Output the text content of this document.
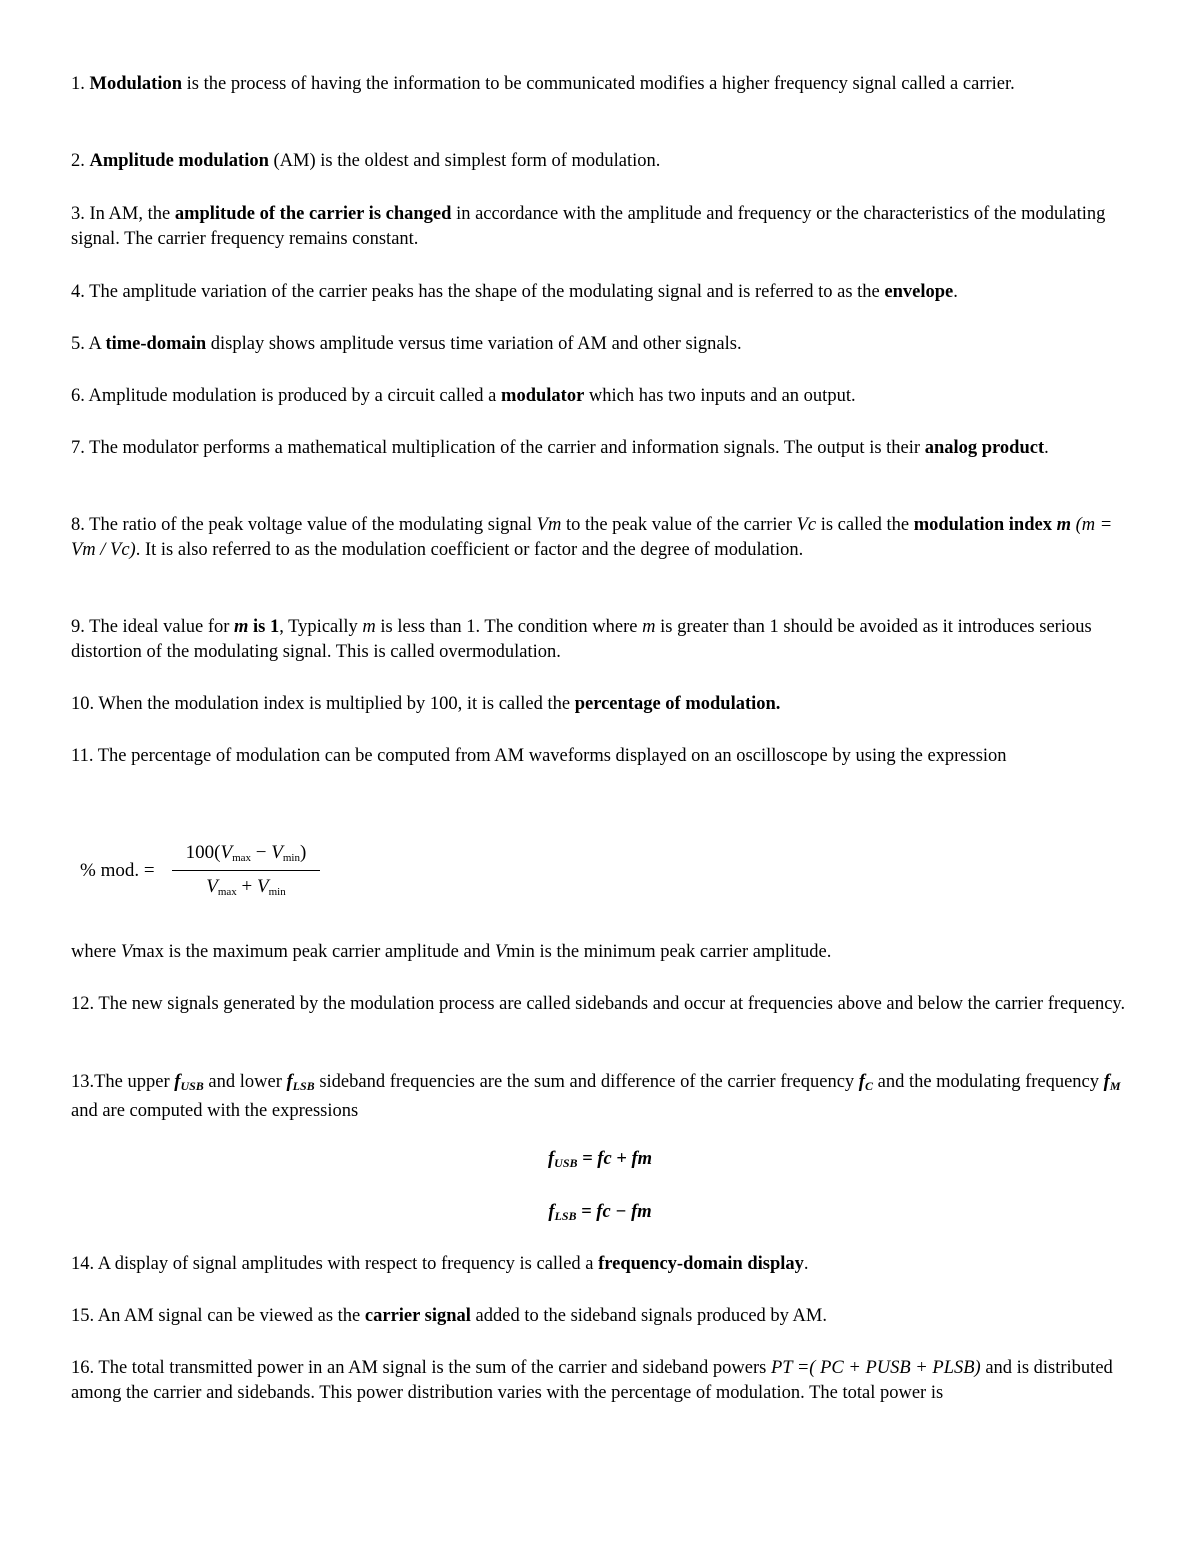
1. Modulation is the process of having the information to be communicated modifies a higher frequency signal called a carrier.

2. Amplitude modulation (AM) is the oldest and simplest form of modulation.

3. In AM, the amplitude of the carrier is changed in accordance with the amplitude and frequency or the characteristics of the modulating signal. The carrier frequency remains constant.

4. The amplitude variation of the carrier peaks has the shape of the modulating signal and is referred to as the envelope.

5. A time-domain display shows amplitude versus time variation of AM and other signals.

6. Amplitude modulation is produced by a circuit called a modulator which has two inputs and an output.

7. The modulator performs a mathematical multiplication of the carrier and information signals. The output is their analog product.

8. The ratio of the peak voltage value of the modulating signal Vm to the peak value of the carrier Vc is called the modulation index m (m = Vm / Vc). It is also referred to as the modulation coefficient or factor and the degree of modulation.

9. The ideal value for m is 1, Typically m is less than 1. The condition where m is greater than 1 should be avoided as it introduces serious distortion of the modulating signal. This is called overmodulation.

10. When the modulation index is multiplied by 100, it is called the percentage of modulation.

11. The percentage of modulation can be computed from AM waveforms displayed on an oscilloscope by using the expression

% mod. =
$100(V_{max} - V_{min})$
$V_{max} + V_{min}$

where Vmax is the maximum peak carrier amplitude and Vmin is the minimum peak carrier amplitude.

12. The new signals generated by the modulation process are called sidebands and occur at frequencies above and below the carrier frequency.

13.The upper fUSB and lower fLSB sideband frequencies are the sum and difference of the carrier frequency fC and the modulating frequency fM and are computed with the expressions

fUSB = fc + fm
fLSB = fc − fm

14. A display of signal amplitudes with respect to frequency is called a frequency-domain display.

15. An AM signal can be viewed as the carrier signal added to the sideband signals produced by AM.

16. The total transmitted power in an AM signal is the sum of the carrier and sideband powers PT =( PC + PUSB + PLSB) and is distributed among the carrier and sidebands. This power distribution varies with the percentage of modulation. The total power is
